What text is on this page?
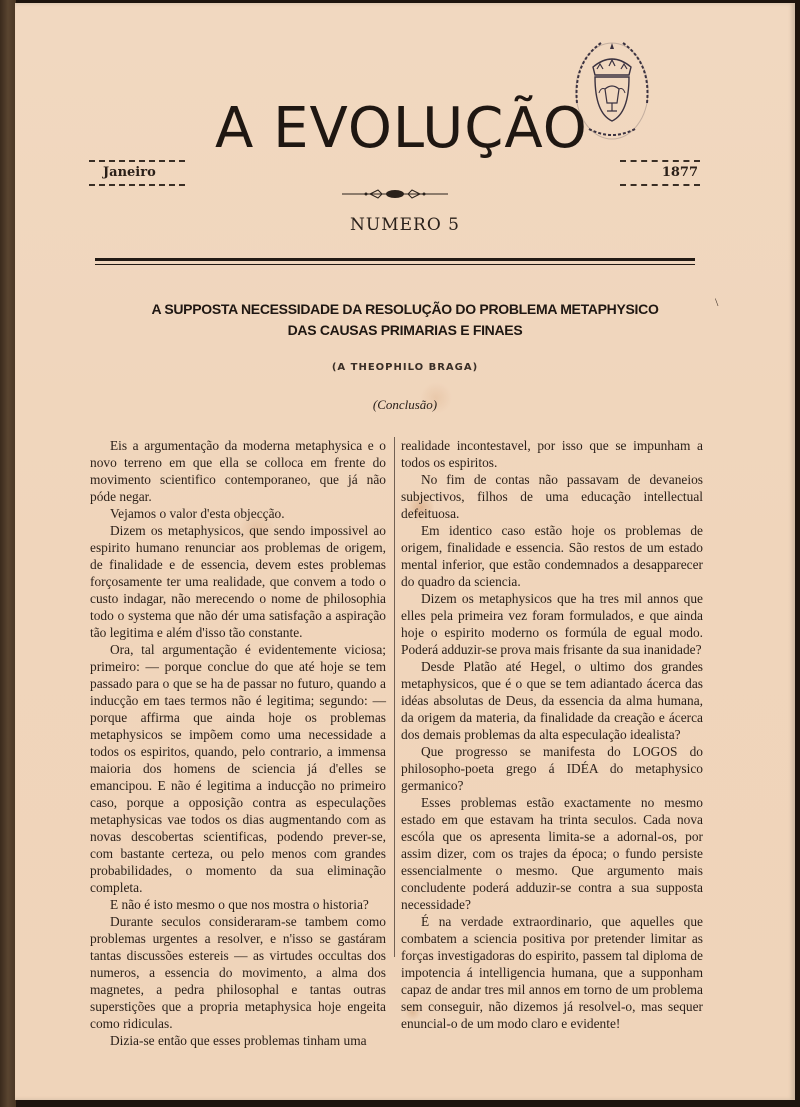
A EVOLUÇÃO
Janeiro	1877
NUMERO 5
A SUPPOSTA NECESSIDADE DA RESOLUÇÃO DO PROBLEMA METAPHYSICO
DAS CAUSAS PRIMARIAS E FINAES
(A THEOPHILO BRAGA)
(Conclusão)

Eis a argumentação da moderna metaphysica e o novo terreno em que ella se colloca em frente do movimento scientifico contemporaneo, que já não póde negar.

Vejamos o valor d'esta objecção.

Dizem os metaphysicos, que sendo impossivel ao espirito humano renunciar aos problemas de origem, de finalidade e de essencia, devem estes problemas forçosamente ter uma realidade, que convem a todo o custo indagar, não merecendo o nome de philosophia todo o systema que não dér uma satisfação a aspiração tão legitima e além d'isso tão constante.

Ora, tal argumentação é evidentemente viciosa; primeiro: — porque conclue do que até hoje se tem passado para o que se ha de passar no futuro, quando a inducção em taes termos não é legitima; segundo: — porque affirma que ainda hoje os problemas metaphysicos se impõem como uma necessidade a todos os espiritos, quando, pelo contrario, a immensa maioria dos homens de sciencia já d'elles se emancipou. E não é legitima a inducção no primeiro caso, porque a opposição contra as especulações metaphysicas vae todos os dias augmentando com as novas descobertas scientificas, podendo prever-se, com bastante certeza, ou pelo menos com grandes probabilidades, o momento da sua eliminação completa.

E não é isto mesmo o que nos mostra o historia?

Durante seculos consideraram-se tambem como problemas urgentes a resolver, e n'isso se gastáram tantas discussões estereis — as virtudes occultas dos numeros, a essencia do movimento, a alma dos magnetes, a pedra philosophal e tantas outras superstições que a propria metaphysica hoje engeita como ridiculas.

Dizia-se então que esses problemas tinham uma

realidade incontestavel, por isso que se impunham a todos os espiritos.

No fim de contas não passavam de devaneios subjectivos, filhos de uma educação intellectual defeituosa.

Em identico caso estão hoje os problemas de origem, finalidade e essencia. São restos de um estado mental inferior, que estão condemnados a desapparecer do quadro da sciencia.

Dizem os metaphysicos que ha tres mil annos que elles pela primeira vez foram formulados, e que ainda hoje o espirito moderno os formúla de egual modo. Poderá adduzir-se prova mais frisante da sua inanidade?

Desde Platão até Hegel, o ultimo dos grandes metaphysicos, que é o que se tem adiantado ácerca das idéas absolutas de Deus, da essencia da alma humana, da origem da materia, da finalidade da creação e ácerca dos demais problemas da alta especulação idealista?

Que progresso se manifesta do LOGOS do philosopho-poeta grego á IDÉA do metaphysico germanico?

Esses problemas estão exactamente no mesmo estado em que estavam ha trinta seculos. Cada nova escóla que os apresenta limita-se a adornal-os, por assim dizer, com os trajes da época; o fundo persiste essencialmente o mesmo. Que argumento mais concludente poderá adduzir-se contra a sua supposta necessidade?

É na verdade extraordinario, que aquelles que combatem a sciencia positiva por pretender limitar as forças investigadoras do espirito, passem tal diploma de impotencia á intelligencia humana, que a supponham capaz de andar tres mil annos em torno de um problema sem conseguir, não dizemos já resolvel-o, mas sequer enuncial-o de um modo claro e evidente!

\
